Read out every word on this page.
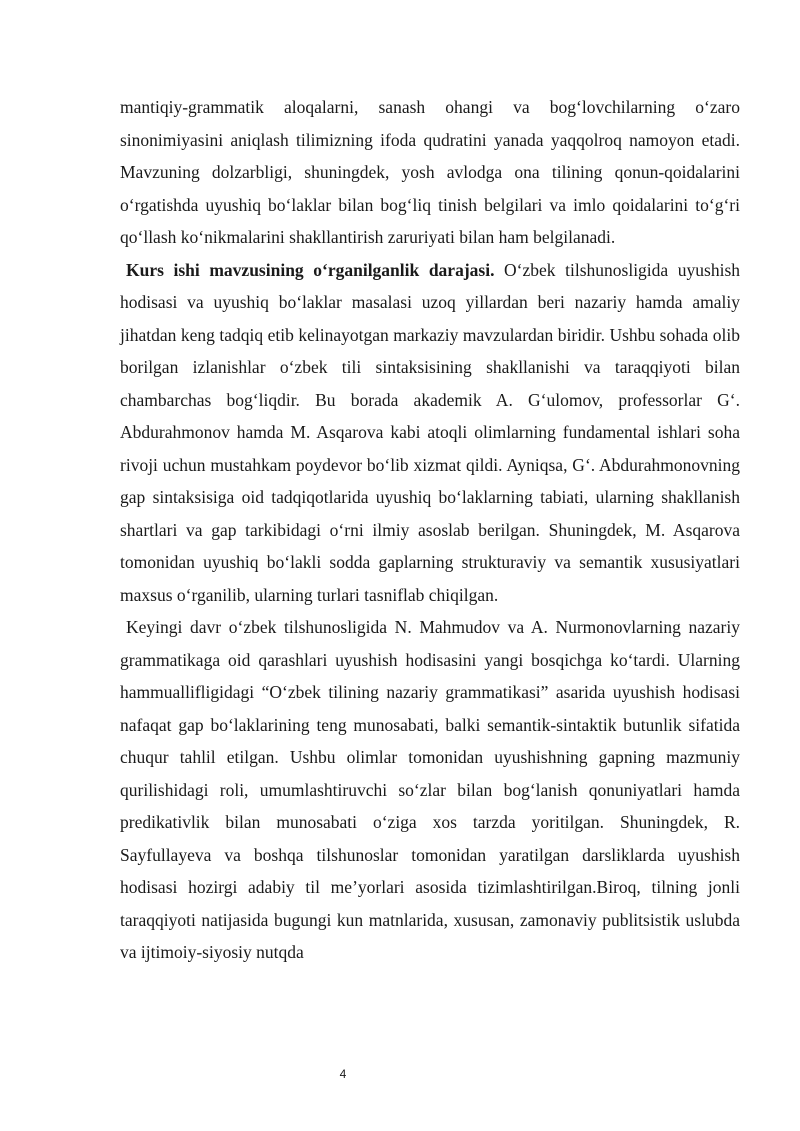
mantiqiy-grammatik aloqalarni, sanash ohangi va bog‘lovchilarning o‘zaro sinonimiyasini aniqlash tilimizning ifoda qudratini yanada yaqqolroq namoyon etadi. Mavzuning dolzarbligi, shuningdek, yosh avlodga ona tilining qonun-qoidalarini o‘rgatishda uyushiq bo‘laklar bilan bog‘liq tinish belgilari va imlo qoidalarini to‘g‘ri qo‘llash ko‘nikmalarini shakllantirish zaruriyati bilan ham belgilanadi.

Kurs ishi mavzusining o‘rganilganlik darajasi. O‘zbek tilshunosligida uyushish hodisasi va uyushiq bo‘laklar masalasi uzoq yillardan beri nazariy hamda amaliy jihatdan keng tadqiq etib kelinayotgan markaziy mavzulardan biridir. Ushbu sohada olib borilgan izlanishlar o‘zbek tili sintaksisining shakllanishi va taraqqiyoti bilan chambarchas bog‘liqdir. Bu borada akademik A. G‘ulomov, professorlar G‘. Abdurahmonov hamda M. Asqarova kabi atoqli olimlarning fundamental ishlari soha rivoji uchun mustahkam poydevor bo‘lib xizmat qildi. Ayniqsa, G‘. Abdurahmonovning gap sintaksisiga oid tadqiqotlarida uyushiq bo‘laklarning tabiati, ularning shakllanish shartlari va gap tarkibidagi o‘rni ilmiy asoslab berilgan. Shuningdek, M. Asqarova tomonidan uyushiq bo‘lakli sodda gaplarning strukturaviy va semantik xususiyatlari maxsus o‘rganilib, ularning turlari tasniflab chiqilgan.

Keyingi davr o‘zbek tilshunosligida N. Mahmudov va A. Nurmonovlarning nazariy grammatikaga oid qarashlari uyushish hodisasini yangi bosqichga ko‘tardi. Ularning hammuallifligidagi “O‘zbek tilining nazariy grammatikasi” asarida uyushish hodisasi nafaqat gap bo‘laklarining teng munosabati, balki semantik-sintaktik butunlik sifatida chuqur tahlil etilgan. Ushbu olimlar tomonidan uyushishning gapning mazmuniy qurilishidagi roli, umumlashtiruvchi so‘zlar bilan bog‘lanish qonuniyatlari hamda predikativlik bilan munosabati o‘ziga xos tarzda yoritilgan. Shuningdek, R. Sayfullayeva va boshqa tilshunoslar tomonidan yaratilgan darsliklarda uyushish hodisasi hozirgi adabiy til me’yorlari asosida tizimlashtirilgan.Biroq, tilning jonli taraqqiyoti natijasida bugungi kun matnlarida, xususan, zamonaviy publitsistik uslubda va ijtimoiy-siyosiy nutqda

4
